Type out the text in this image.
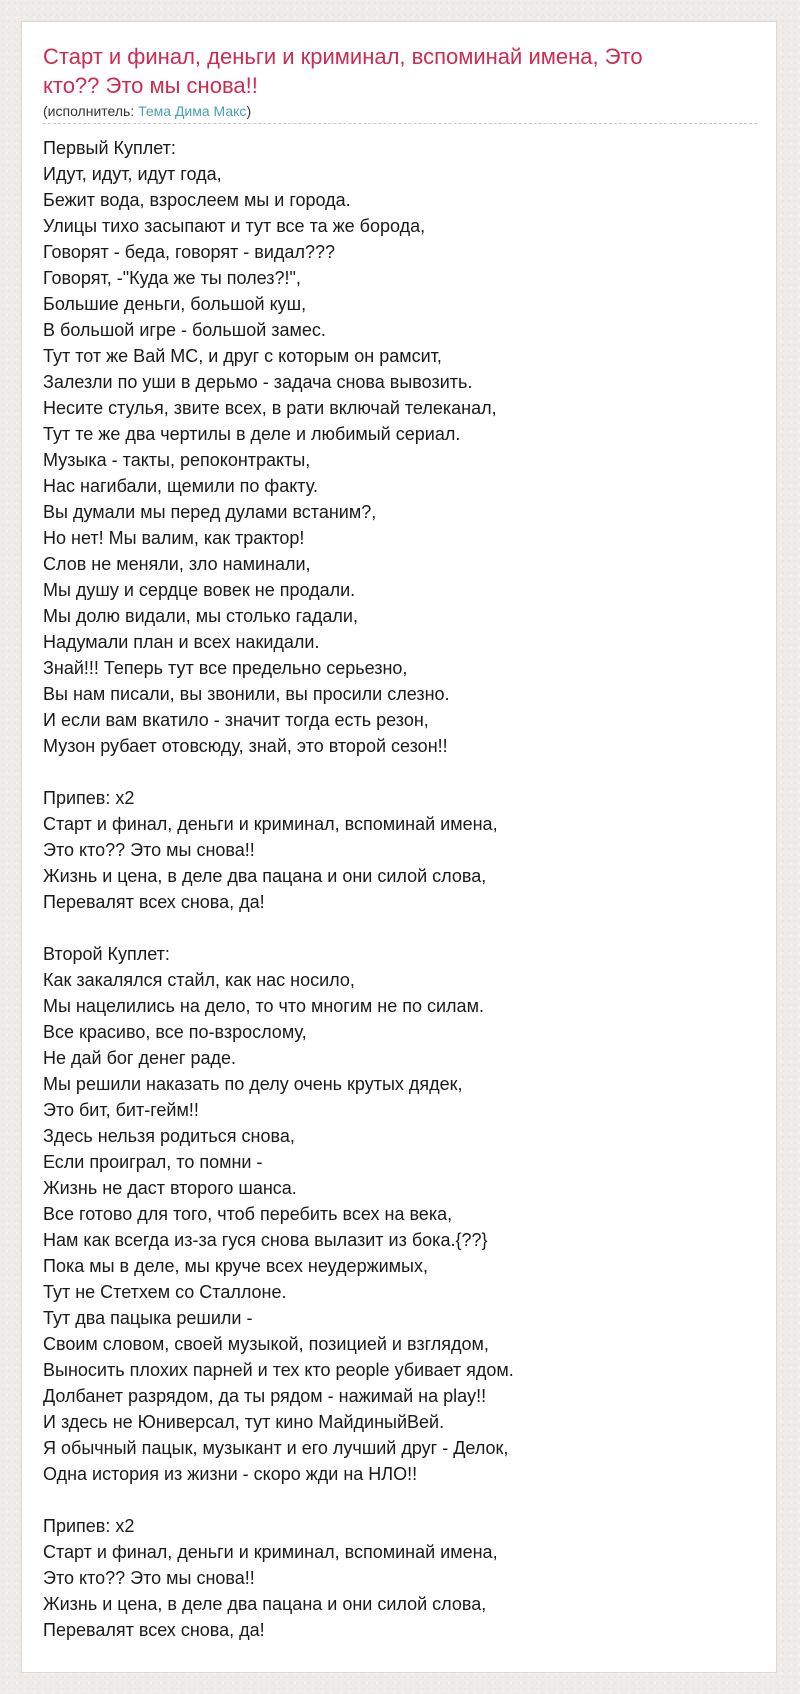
Старт и финал, деньги и криминал, вспоминай имена, Это кто?? Это мы снова!!
(исполнитель: Тема Дима Макс)
Первый Куплет:
Идут, идут, идут года,
Бежит вода, взрослеем мы и города.
Улицы тихо засыпают и тут все та же борода,
Говорят - беда, говорят - видал???
Говорят, -"Куда же ты полез?!",
Большие деньги, большой куш,
В большой игре - большой замес.
Тут тот же Вай МС, и друг с которым он рамсит,
Залезли по уши в дерьмо - задача снова вывозить.
Несите стулья, звите всех, в рати включай телеканал,
Тут те же два чертилы в деле и любимый сериал.
Музыка - такты, репоконтракты,
Нас нагибали, щемили по факту.
Вы думали мы перед дулами встаним?,
Но нет! Мы валим, как трактор!
Слов не меняли, зло наминали,
Мы душу и сердце вовек не продали.
Мы долю видали, мы столько гадали,
Надумали план и всех накидали.
Знай!!! Теперь тут все предельно серьезно,
Вы нам писали, вы звонили, вы просили слезно.
И если вам вкатило - значит тогда есть резон,
Музон рубает отовсюду, знай, это второй сезон!!
Припев: x2
Старт и финал, деньги и криминал, вспоминай имена,
Это кто?? Это мы снова!!
Жизнь и цена, в деле два пацана и они силой слова,
Перевалят всех снова, да!
Второй Куплет:
Как закалялся стайл, как нас носило,
Мы нацелились на дело, то что многим не по силам.
Все красиво, все по-взрослому,
Не дай бог денег раде.
Мы решили наказать по делу очень крутых дядек,
Это бит, бит-гейм!!
Здесь нельзя родиться снова,
Если проиграл, то помни -
Жизнь не даст второго шанса.
Все готово для того, чтоб перебить всех на века,
Нам как всегда из-за гуся снова вылазит из бока.{??}
Пока мы в деле, мы круче всех неудержимых,
Тут не Стетхем со Сталлоне.
Тут два пацыка решили -
Своим словом, своей музыкой, позицией и взглядом,
Выносить плохих парней и тех кто people убивает ядом.
Долбанет разрядом, да ты рядом - нажимай на play!!
И здесь не Юниверсал, тут кино МайдиныйВей.
Я обычный пацык, музыкант и его лучший друг - Делок,
Одна история из жизни - скоро жди на НЛО!!
Припев: x2
Старт и финал, деньги и криминал, вспоминай имена,
Это кто?? Это мы снова!!
Жизнь и цена, в деле два пацана и они силой слова,
Перевалят всех снова, да!
